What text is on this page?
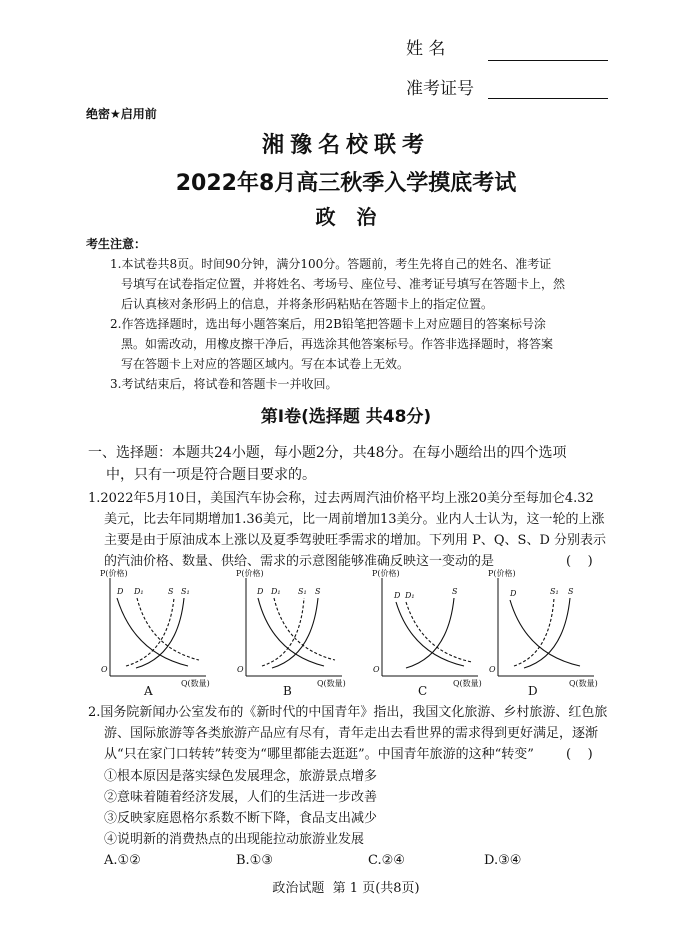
姓 名
准考证号
绝密★启用前
湘豫名校联考
2022年8月高三秋季入学摸底考试
政   治
考生注意：
1.本试卷共8页。时间90分钟，满分100分。答题前，考生先将自己的姓名、准考证
号填写在试卷指定位置，并将姓名、考场号、座位号、准考证号填写在答题卡上，然
后认真核对条形码上的信息，并将条形码粘贴在答题卡上的指定位置。
2.作答选择题时，选出每小题答案后，用2B铅笔把答题卡上对应题目的答案标号涂
黑。如需改动，用橡皮擦干净后，再选涂其他答案标号。作答非选择题时，将答案
写在答题卡上对应的答题区域内。写在本试卷上无效。
3.考试结束后，将试卷和答题卡一并收回。
第Ⅰ卷(选择题 共48分)
一、选择题：本题共24小题，每小题2分，共48分。在每小题给出的四个选项
中，只有一项是符合题目要求的。
1.2022年5月10日，美国汽车协会称，过去两周汽油价格平均上涨20美分至每加仑4.32
美元，比去年同期增加1.36美元，比一周前增加13美分。业内人士认为，这一轮的上涨
主要是由于原油成本上涨以及夏季驾驶旺季需求的增加。下列用 P、Q、S、D 分别表示
的汽油价格、数量、供给、需求的示意图能够准确反映这一变动的是	(    )
P(价格)
Q(数量)
O
D D₁	S S₁
A
P(价格)
Q(数量)
O
D D₁ S₁ S
B
P(价格)
Q(数量)
O
D D₁	S
C
P(价格)
Q(数量)
O
D	S₁ S
D
2.国务院新闻办公室发布的《新时代的中国青年》指出，我国文化旅游、乡村旅游、红色旅
游、国际旅游等各类旅游产品应有尽有，青年走出去看世界的需求得到更好满足，逐渐
从“只在家门口转转”转变为“哪里都能去逛逛”。中国青年旅游的这种“转变” (    )
①根本原因是落实绿色发展理念，旅游景点增多
②意味着随着经济发展，人们的生活进一步改善
③反映家庭恩格尔系数不断下降，食品支出减少
④说明新的消费热点的出现能拉动旅游业发展
A.①②	B.①③	C.②④	D.③④
政治试题  第 1 页(共8页)
